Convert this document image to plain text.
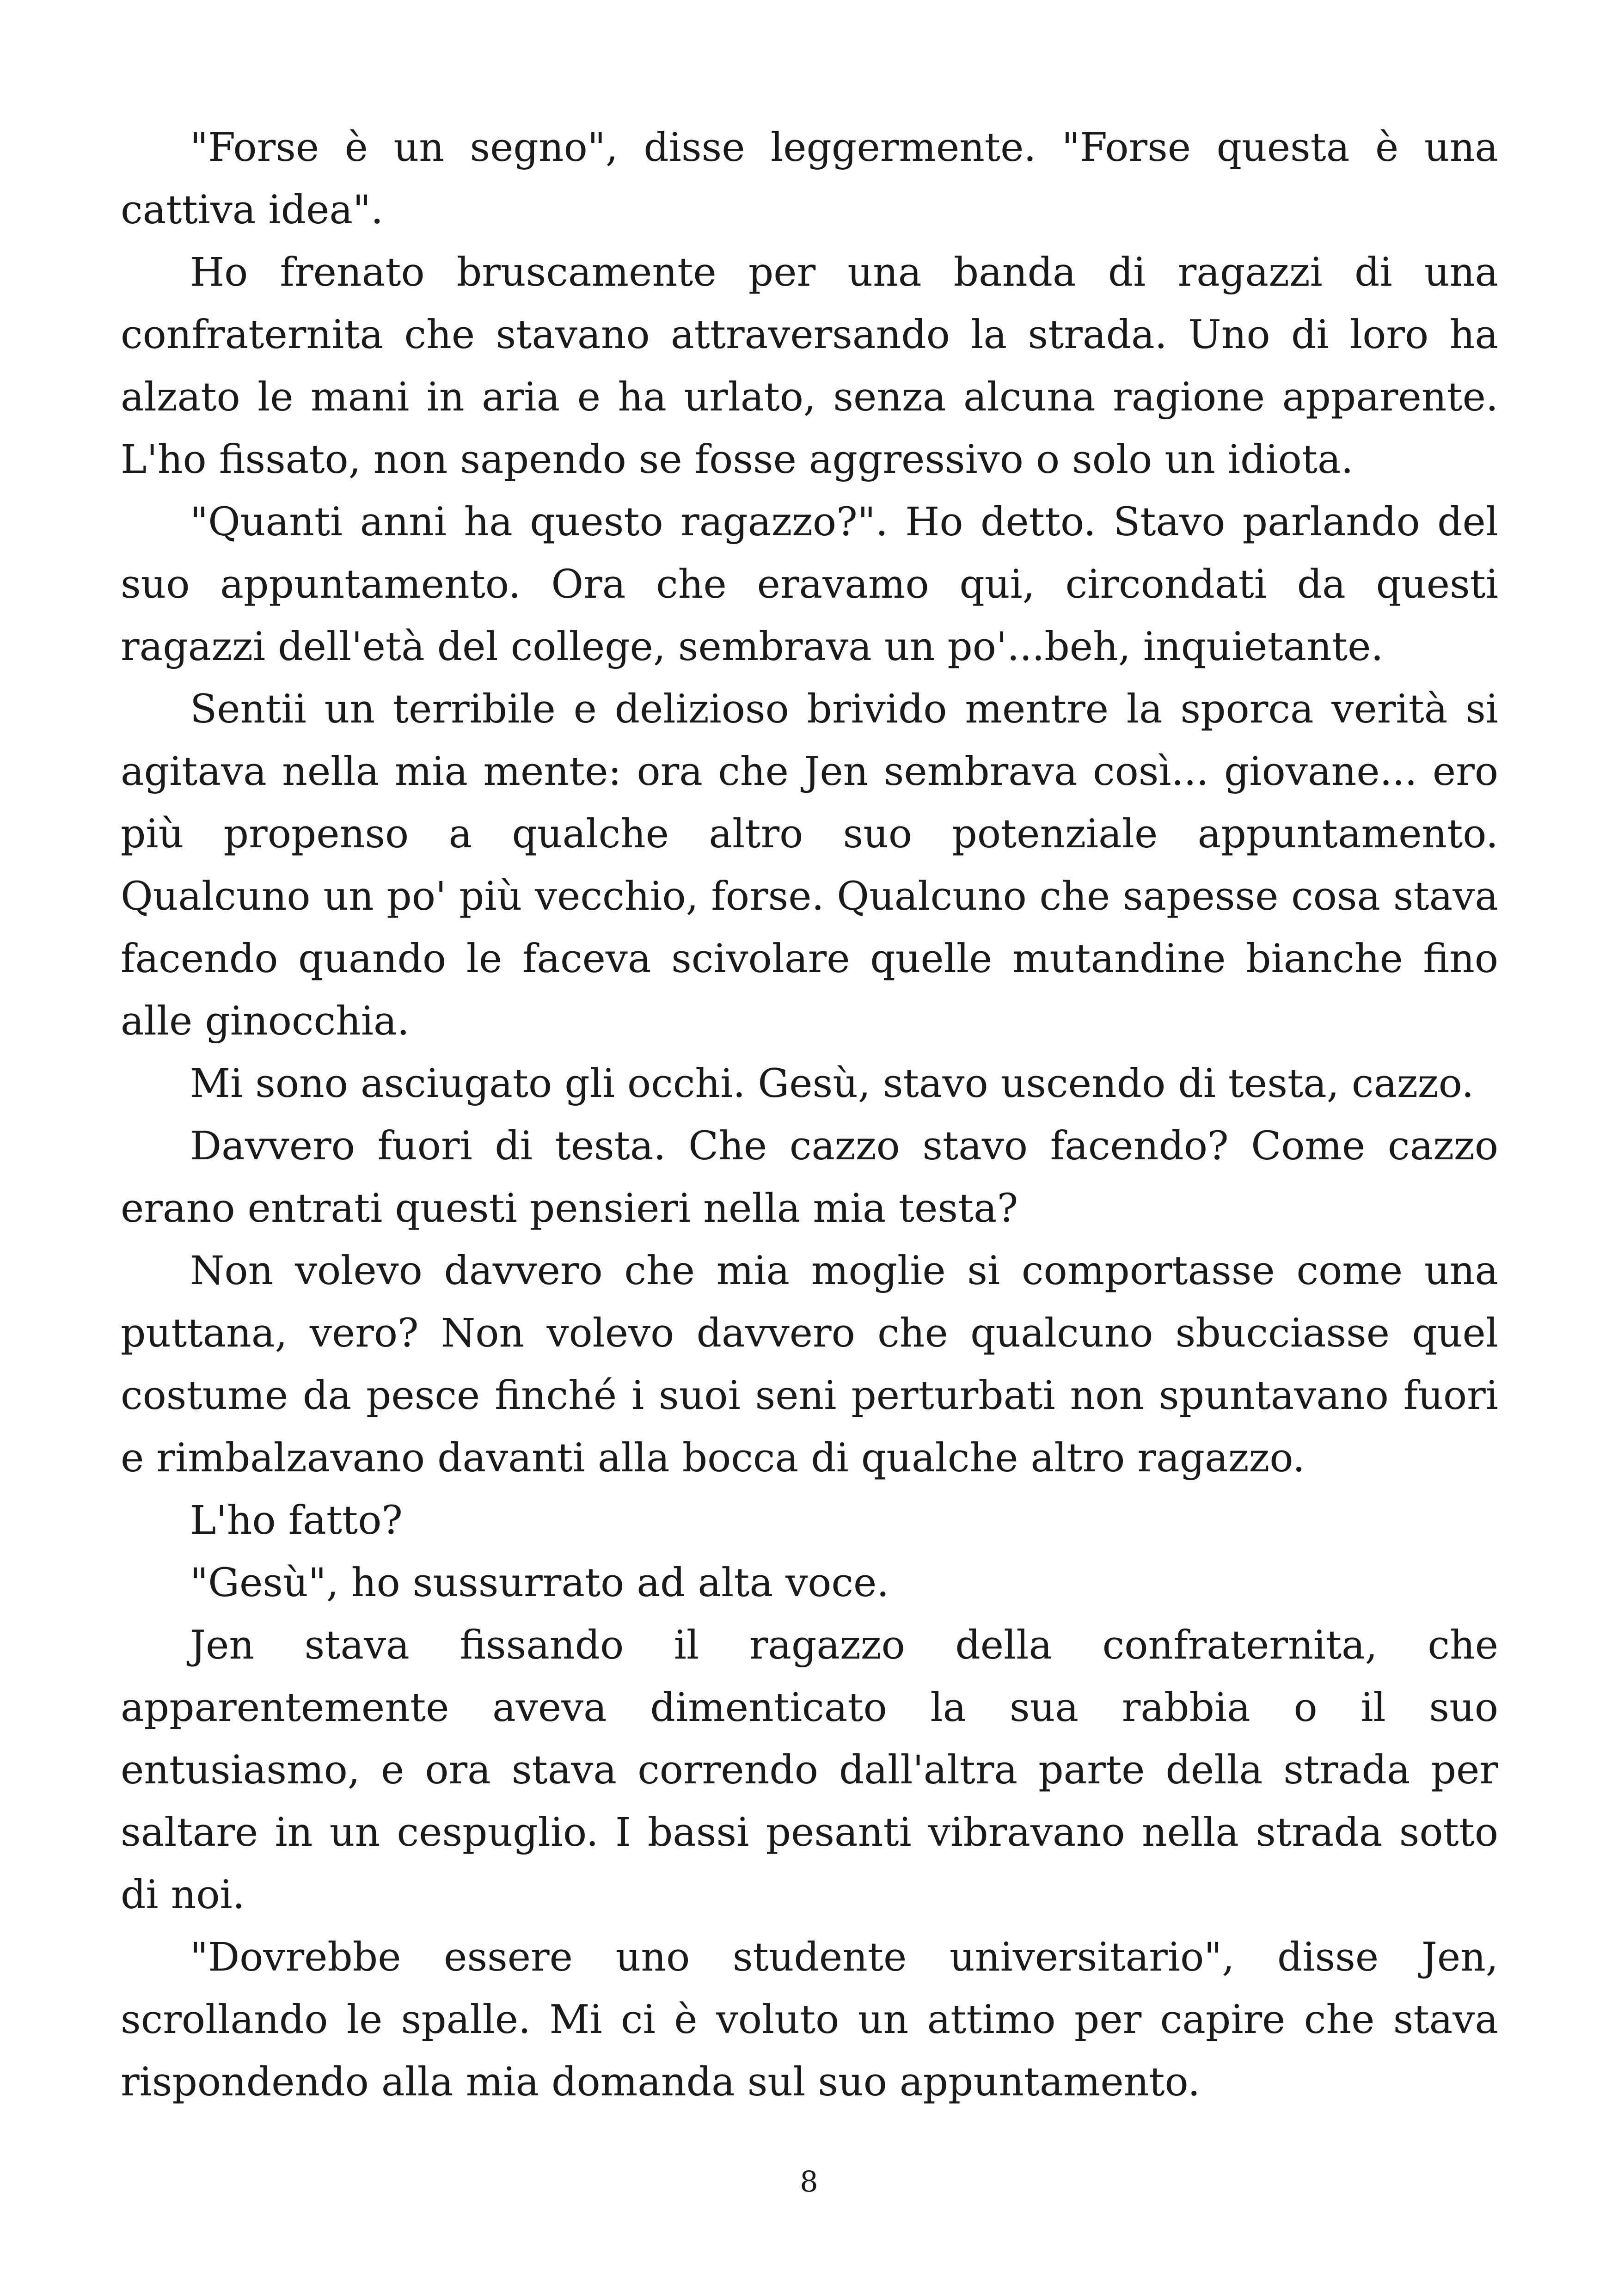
"Forse è un segno", disse leggermente. "Forse questa è una cattiva idea".

Ho frenato bruscamente per una banda di ragazzi di una confraternita che stavano attraversando la strada. Uno di loro ha alzato le mani in aria e ha urlato, senza alcuna ragione apparente. L'ho fissato, non sapendo se fosse aggressivo o solo un idiota.

"Quanti anni ha questo ragazzo?". Ho detto. Stavo parlando del suo appuntamento. Ora che eravamo qui, circondati da questi ragazzi dell'età del college, sembrava un po'...beh, inquietante.

Sentii un terribile e delizioso brivido mentre la sporca verità si agitava nella mia mente: ora che Jen sembrava così... giovane... ero più propenso a qualche altro suo potenziale appuntamento. Qualcuno un po' più vecchio, forse. Qualcuno che sapesse cosa stava facendo quando le faceva scivolare quelle mutandine bianche fino alle ginocchia.

Mi sono asciugato gli occhi. Gesù, stavo uscendo di testa, cazzo.

Davvero fuori di testa. Che cazzo stavo facendo? Come cazzo erano entrati questi pensieri nella mia testa?

Non volevo davvero che mia moglie si comportasse come una puttana, vero? Non volevo davvero che qualcuno sbucciasse quel costume da pesce finché i suoi seni perturbati non spuntavano fuori e rimbalzavano davanti alla bocca di qualche altro ragazzo.

L'ho fatto?

"Gesù", ho sussurrato ad alta voce.

Jen stava fissando il ragazzo della confraternita, che apparentemente aveva dimenticato la sua rabbia o il suo entusiasmo, e ora stava correndo dall'altra parte della strada per saltare in un cespuglio. I bassi pesanti vibravano nella strada sotto di noi.

"Dovrebbe essere uno studente universitario", disse Jen, scrollando le spalle. Mi ci è voluto un attimo per capire che stava rispondendo alla mia domanda sul suo appuntamento.

8
